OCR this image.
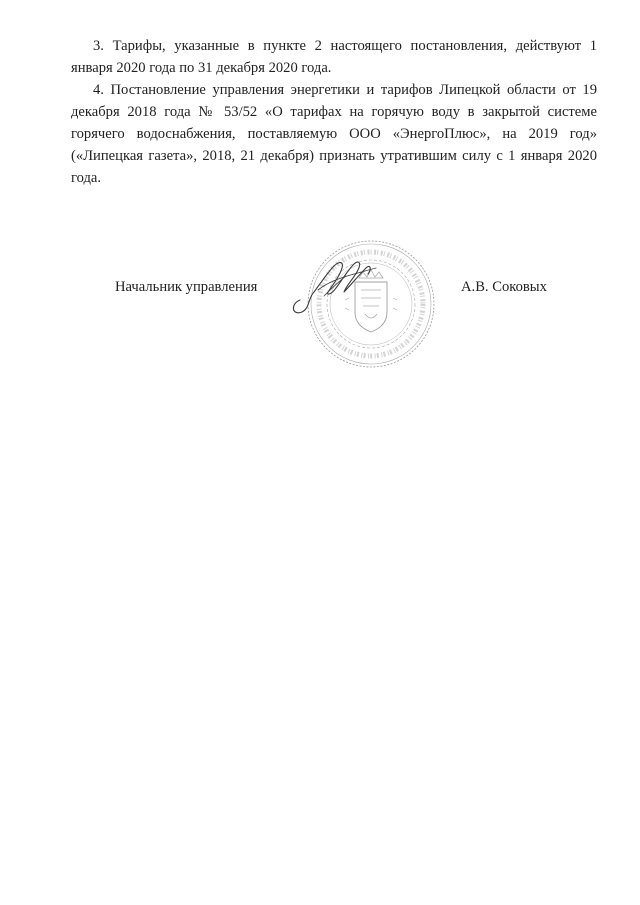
3. Тарифы, указанные в пункте 2 настоящего постановления, действуют 1 января 2020 года по 31 декабря 2020 года.

4. Постановление управления энергетики и тарифов Липецкой области от 19 декабря 2018 года № 53/52 «О тарифах на горячую воду в закрытой системе горячего водоснабжения, поставляемую ООО «ЭнергоПлюс», на 2019 год» («Липецкая газета», 2018, 21 декабря) признать утратившим силу с 1 января 2020 года.

Начальник управления	А.В. Соковых
